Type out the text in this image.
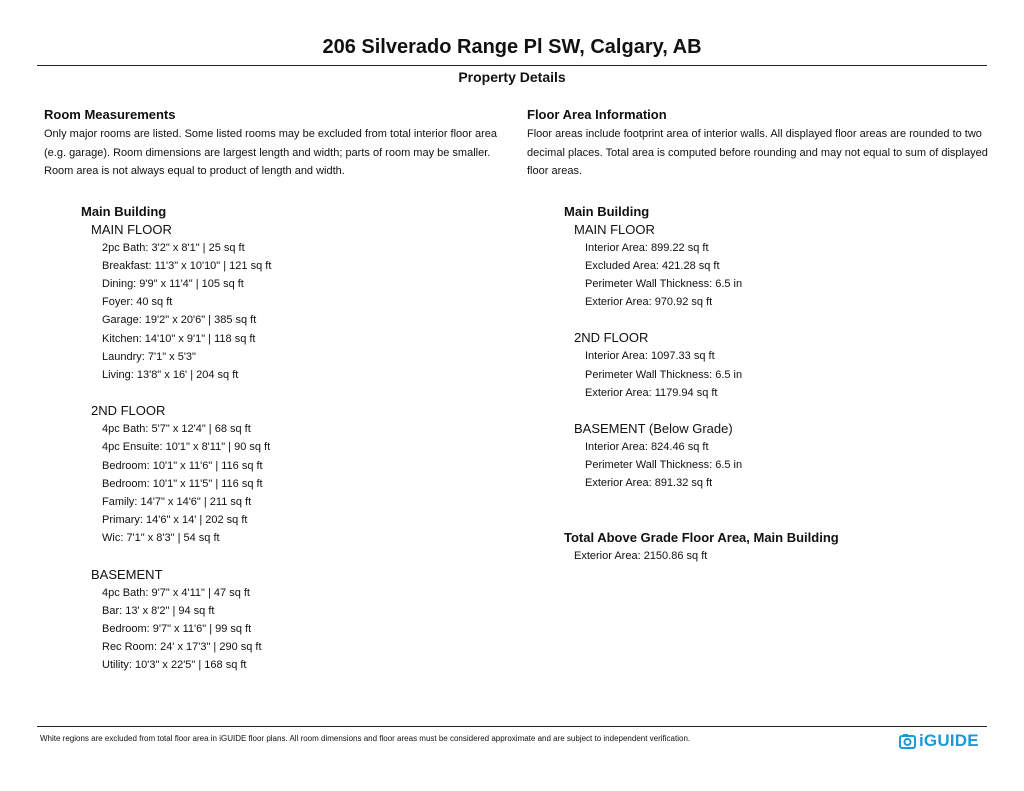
206 Silverado Range Pl SW, Calgary, AB
Property Details
Room Measurements
Only major rooms are listed. Some listed rooms may be excluded from total interior floor area
(e.g. garage). Room dimensions are largest length and width; parts of room may be smaller.
Room area is not always equal to product of length and width.
Main Building
MAIN FLOOR
2pc Bath: 3'2" x 8'1" | 25 sq ft
Breakfast: 11'3" x 10'10" | 121 sq ft
Dining: 9'9" x 11'4" | 105 sq ft
Foyer: 40 sq ft
Garage: 19'2" x 20'6" | 385 sq ft
Kitchen: 14'10" x 9'1" | 118 sq ft
Laundry: 7'1" x 5'3"
Living: 13'8" x 16' | 204 sq ft
2ND FLOOR
4pc Bath: 5'7" x 12'4" | 68 sq ft
4pc Ensuite: 10'1" x 8'11" | 90 sq ft
Bedroom: 10'1" x 11'6" | 116 sq ft
Bedroom: 10'1" x 11'5" | 116 sq ft
Family: 14'7" x 14'6" | 211 sq ft
Primary: 14'6" x 14' | 202 sq ft
Wic: 7'1" x 8'3" | 54 sq ft
BASEMENT
4pc Bath: 9'7" x 4'11" | 47 sq ft
Bar: 13' x 8'2" | 94 sq ft
Bedroom: 9'7" x 11'6" | 99 sq ft
Rec Room: 24' x 17'3" | 290 sq ft
Utility: 10'3" x 22'5" | 168 sq ft
Floor Area Information
Floor areas include footprint area of interior walls. All displayed floor areas are rounded to two
decimal places. Total area is computed before rounding and may not equal to sum of displayed
floor areas.
Main Building
MAIN FLOOR
Interior Area: 899.22 sq ft
Excluded Area: 421.28 sq ft
Perimeter Wall Thickness: 6.5 in
Exterior Area: 970.92 sq ft
2ND FLOOR
Interior Area: 1097.33 sq ft
Perimeter Wall Thickness: 6.5 in
Exterior Area: 1179.94 sq ft
BASEMENT (Below Grade)
Interior Area: 824.46 sq ft
Perimeter Wall Thickness: 6.5 in
Exterior Area: 891.32 sq ft
Total Above Grade Floor Area, Main Building
Exterior Area: 2150.86 sq ft
White regions are excluded from total floor area in iGUIDE floor plans. All room dimensions and floor areas must be considered approximate and are subject to independent verification.	iGUIDE
